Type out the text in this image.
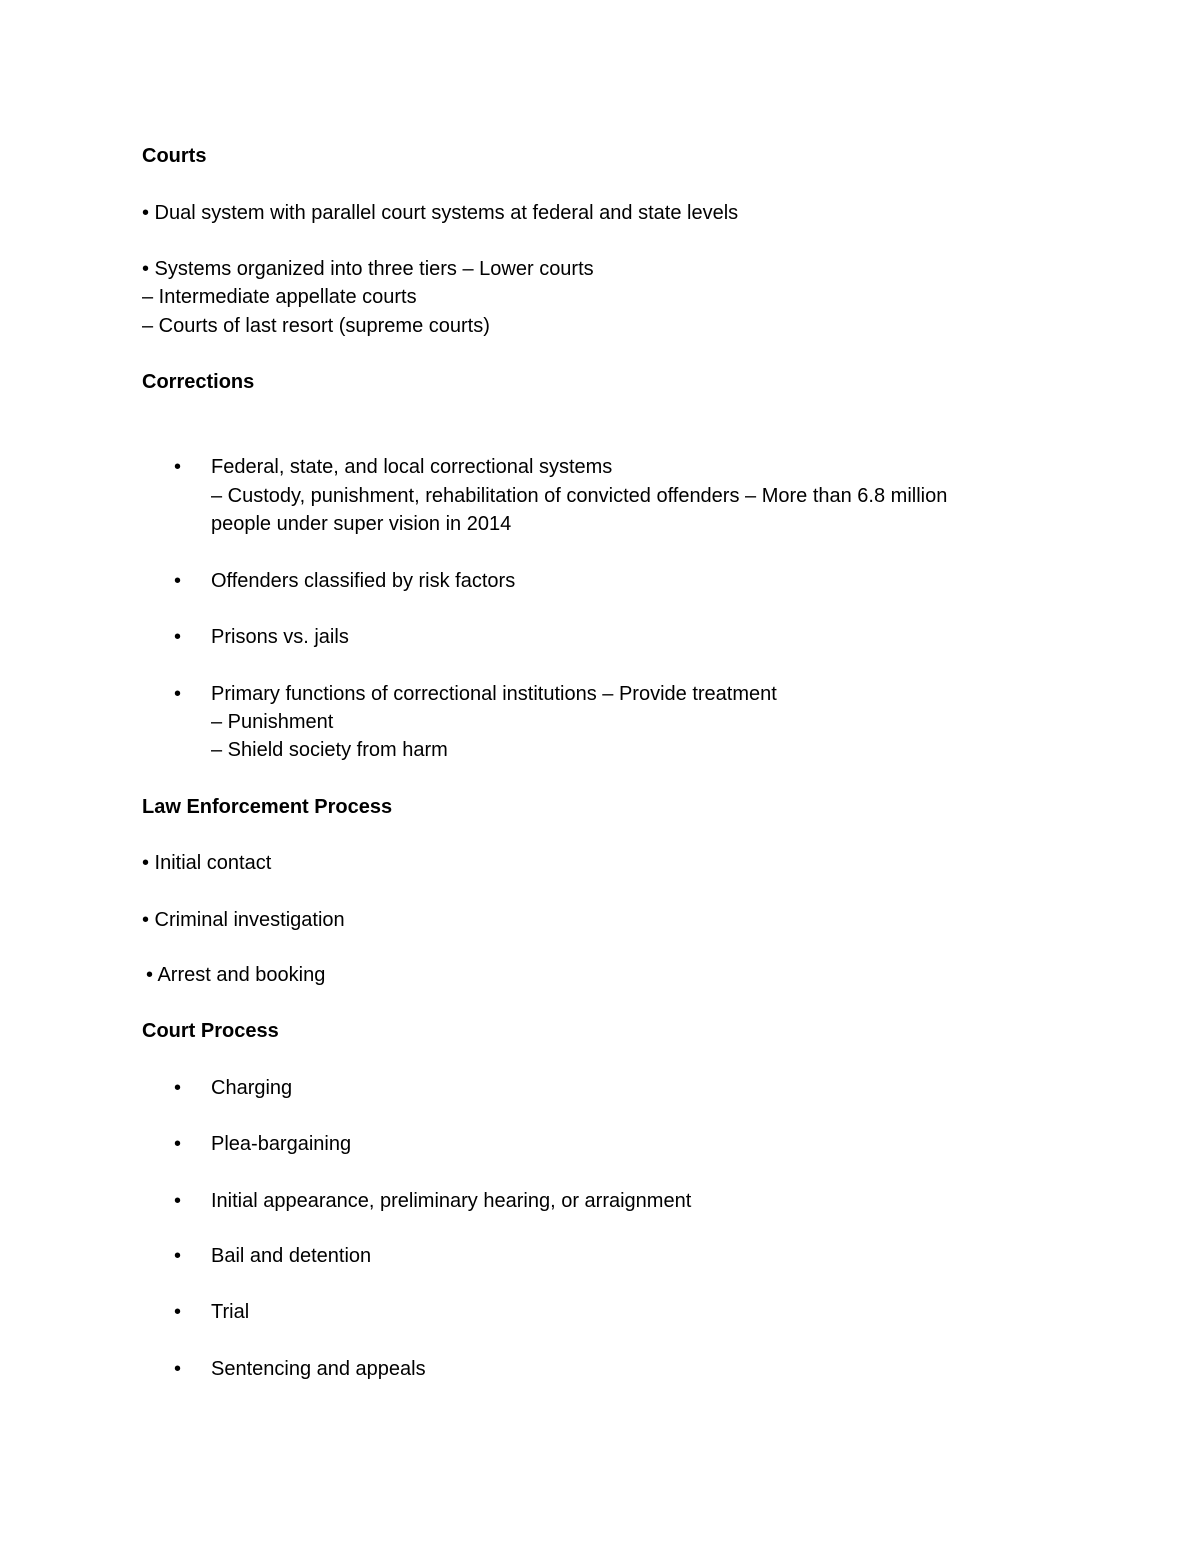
Courts
• Dual system with parallel court systems at federal and state levels
• Systems organized into three tiers – Lower courts
– Intermediate appellate courts
– Courts of last resort (supreme courts)
Corrections
• Federal, state, and local correctional systems
– Custody, punishment, rehabilitation of convicted offenders – More than 6.8 million
people under super vision in 2014
• Offenders classified by risk factors
• Prisons vs. jails
• Primary functions of correctional institutions – Provide treatment
– Punishment
– Shield society from harm
Law Enforcement Process
• Initial contact
• Criminal investigation
• Arrest and booking
Court Process
• Charging
• Plea-bargaining
• Initial appearance, preliminary hearing, or arraignment
• Bail and detention
• Trial
• Sentencing and appeals
